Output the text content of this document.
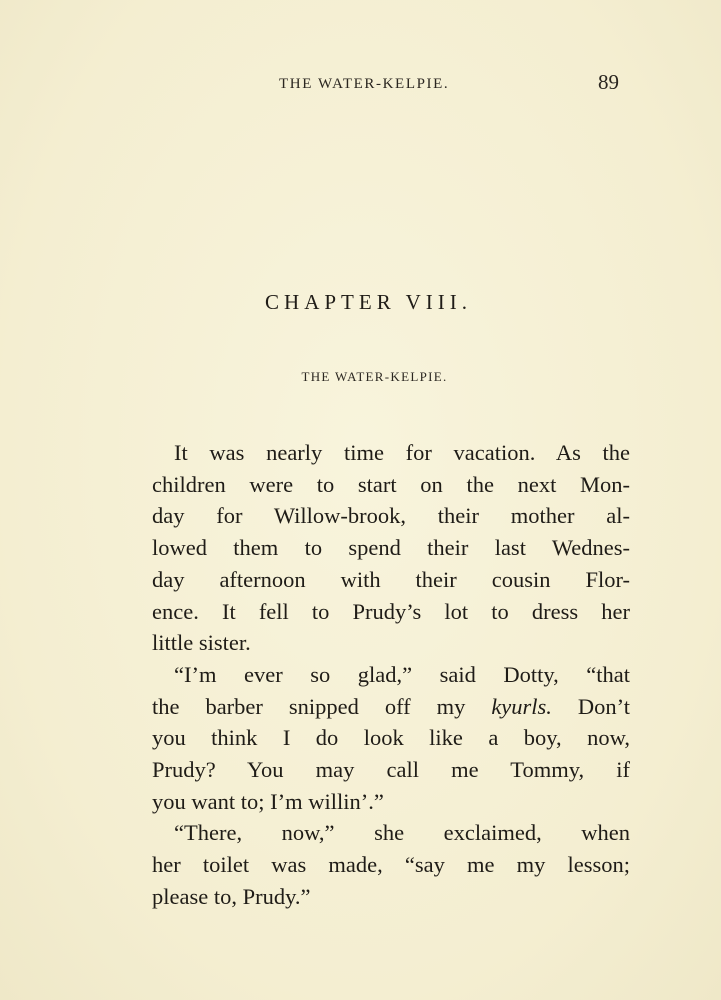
THE WATER-KELPIE.	89
CHAPTER VIII.
THE WATER-KELPIE.
It was nearly time for vacation. As the
children were to start on the next Mon-
day for Willow-brook, their mother al-
lowed them to spend their last Wednes-
day afternoon with their cousin Flor-
ence. It fell to Prudy’s lot to dress her
little sister.
“I’m ever so glad,” said Dotty, “that
the barber snipped off my kyurls. Don’t
you think I do look like a boy, now,
Prudy? You may call me Tommy, if
you want to; I’m willin’.”
“There, now,” she exclaimed, when
her toilet was made, “say me my lesson;
please to, Prudy.”
